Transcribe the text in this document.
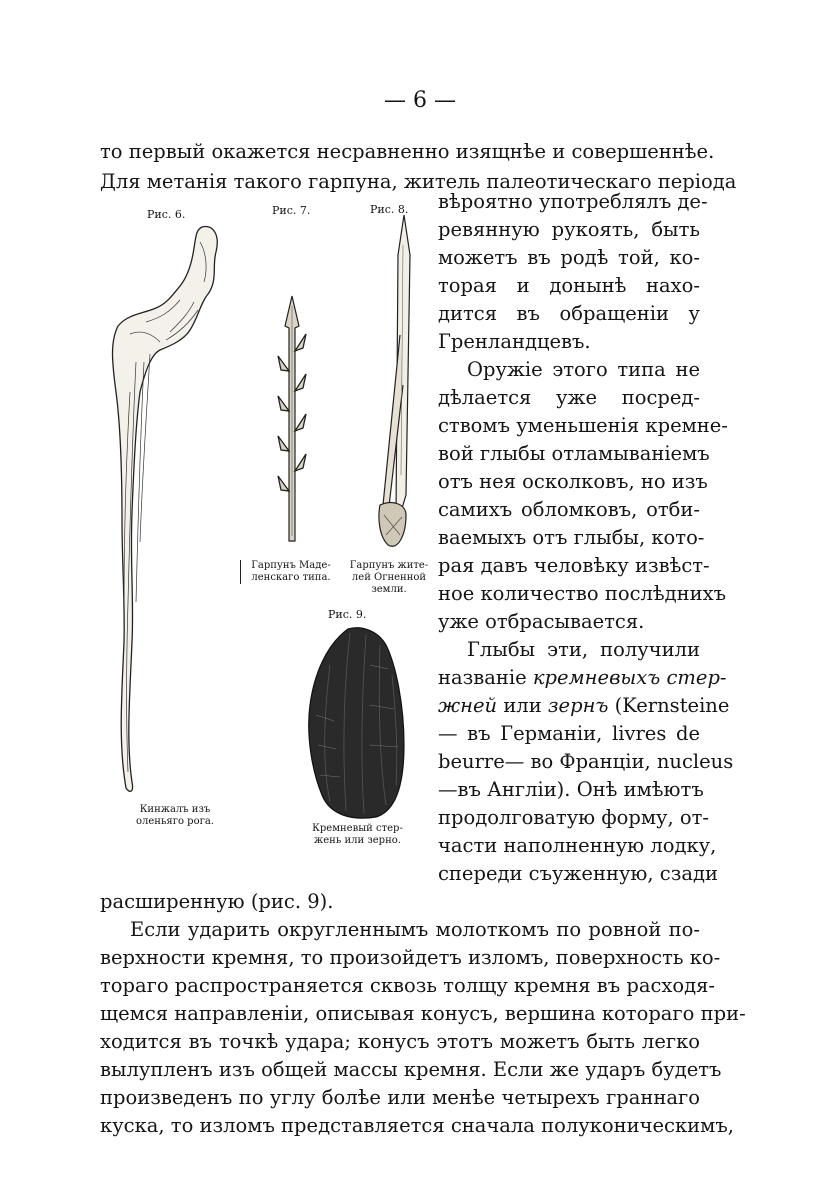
— 6 —
то первый окажется несравненно изящнѣе и совершеннѣе.
Для метанія такого гарпуна, житель палеотическаго періода
Рис. 6.	Рис. 7.	Рис. 8.
Рис. 9.
Гарпунъ Маде-
ленскаго типа.
Гарпунъ жите-
лей Огненной
земли.
Кинжалъ изъ
оленьяго рога.
Кремневый стер-
жень или зерно.
вѣроятно употреблялъ де-
ревянную рукоять, быть
можетъ въ родѣ той, ко-
торая и донынѣ нахо-
дится въ обращеніи у
Гренландцевъ.
Оружіе этого типа не
дѣлается уже посред-
ствомъ уменьшенія кремне-
вой глыбы отламываніемъ
отъ нея осколковъ, но изъ
самихъ обломковъ, отби-
ваемыхъ отъ глыбы, кото-
рая давъ человѣку извѣст-
ное количество послѣднихъ
уже отбрасывается.
Глыбы эти, получили
названіе кремневыхъ стер-
жней или зернъ (Kernsteine
— въ Германіи, livres de
beurre— во Франціи, nucleus
—въ Англіи). Онѣ имѣютъ
продолговатую форму, от-
части наполненную лодку,
спереди съуженную, сзади
расширенную (рис. 9).
Если ударить округленнымъ молоткомъ по ровной по-
верхности кремня, то произойдетъ изломъ, поверхность ко-
тораго распространяется сквозь толщу кремня въ расходя-
щемся направленіи, описывая конусъ, вершина котораго при-
ходится въ точкѣ удара; конусъ этотъ можетъ быть легко
вылупленъ изъ общей массы кремня. Если же ударъ будетъ
произведенъ по углу болѣе или менѣе четырехъ граннаго
куска, то изломъ представляется сначала полуконическимъ,
